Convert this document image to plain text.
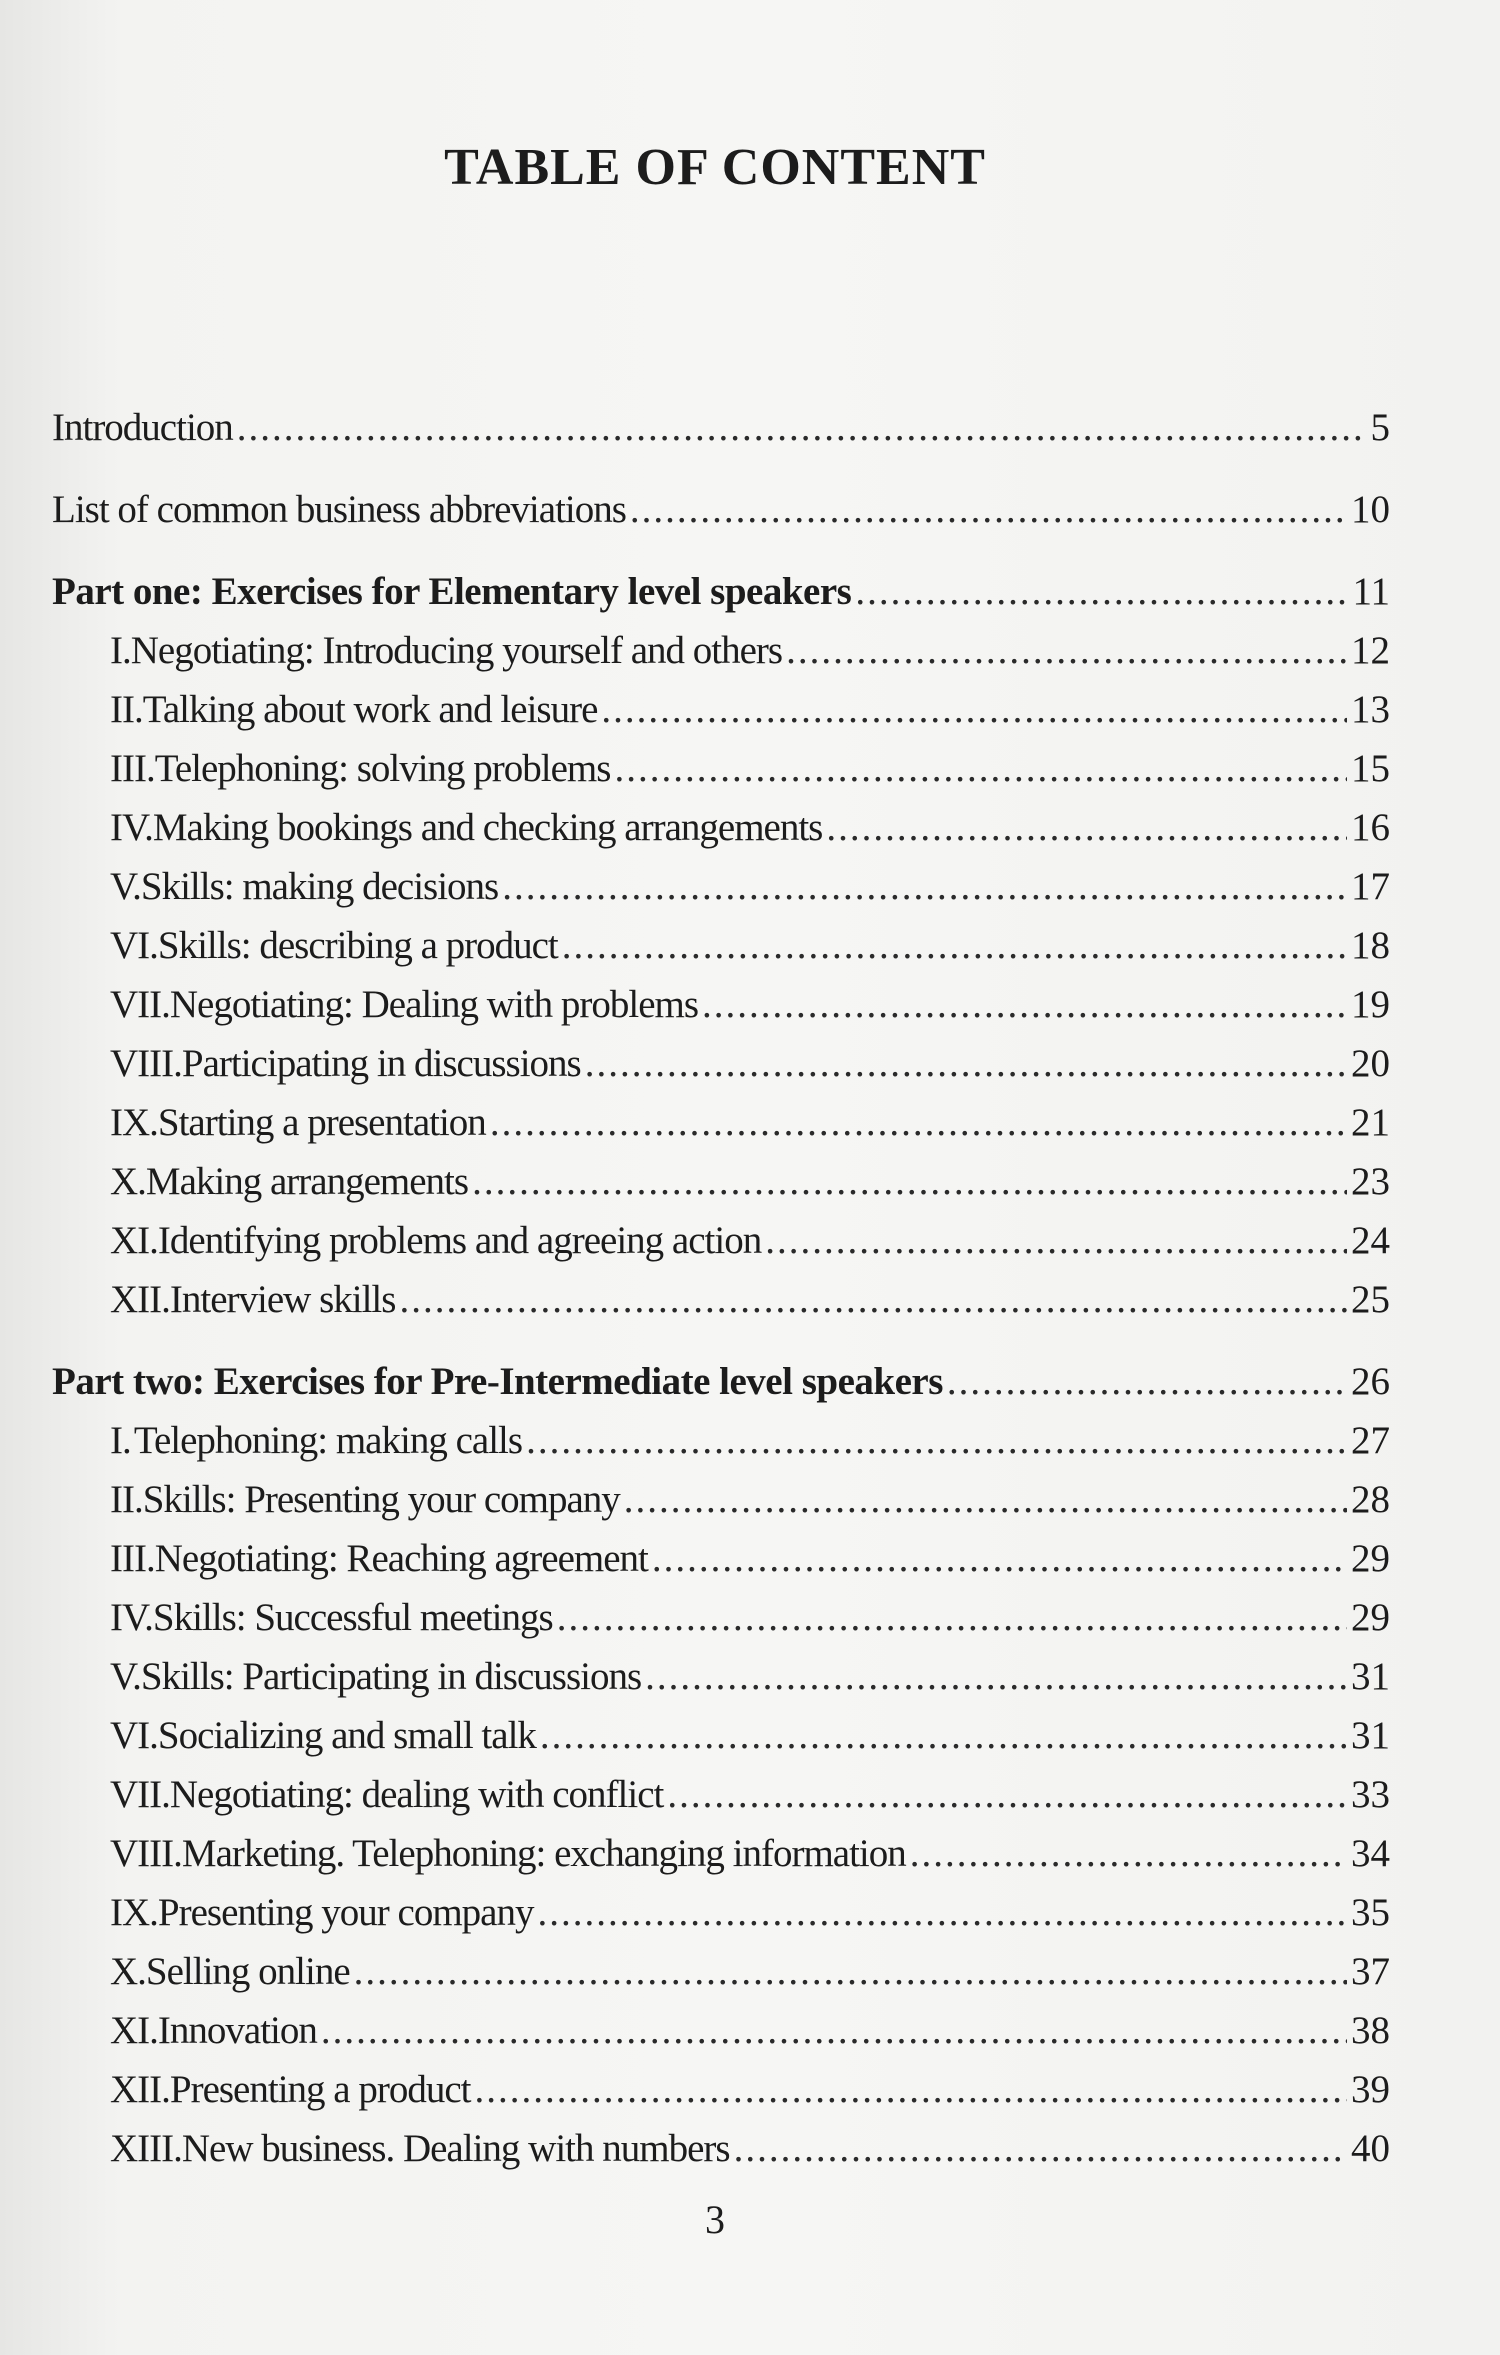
TABLE OF CONTENT
Introduction .....	5
List of common business abbreviations .....	10
Part one: Exercises for Elementary level speakers .....	11
I. Negotiating: Introducing yourself and others .....	12
II. Talking about work and leisure .....	13
III. Telephoning: solving problems .....	15
IV. Making bookings and checking arrangements .....	16
V. Skills: making decisions .....	17
VI. Skills: describing a product .....	18
VII. Negotiating: Dealing with problems .....	19
VIII. Participating in discussions .....	20
IX. Starting a presentation .....	21
X. Making arrangements .....	23
XI. Identifying problems and agreeing action .....	24
XII. Interview skills .....	25
Part two: Exercises for Pre-Intermediate level speakers .....	26
I. Telephoning: making calls .....	27
II. Skills: Presenting your company .....	28
III. Negotiating: Reaching agreement .....	29
IV. Skills: Successful meetings .....	29
V. Skills: Participating in discussions .....	31
VI. Socializing and small talk .....	31
VII. Negotiating: dealing with conflict .....	33
VIII. Marketing. Telephoning: exchanging information .....	34
IX. Presenting your company .....	35
X. Selling online .....	37
XI. Innovation .....	38
XII. Presenting a product .....	39
XIII. New business. Dealing with numbers .....	40
3
